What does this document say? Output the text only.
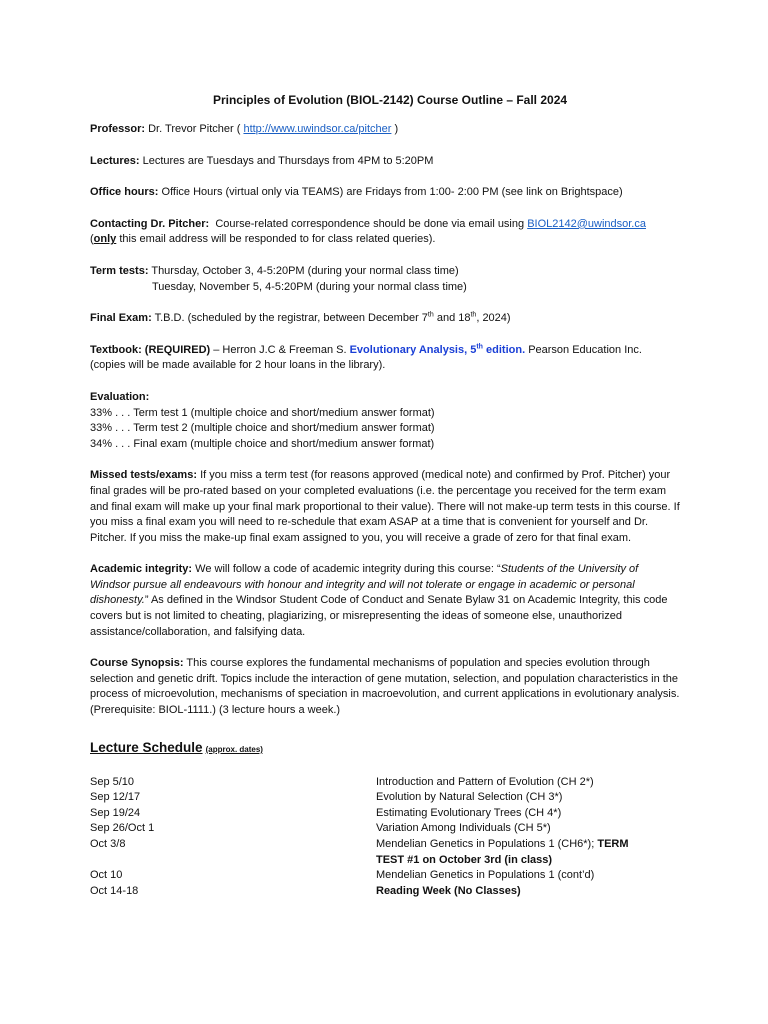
Principles of Evolution (BIOL-2142) Course Outline – Fall 2024

Professor: Dr. Trevor Pitcher ( http://www.uwindsor.ca/pitcher )

Lectures: Lectures are Tuesdays and Thursdays from 4PM to 5:20PM

Office hours: Office Hours (virtual only via TEAMS) are Fridays from 1:00- 2:00 PM (see link on Brightspace)

Contacting Dr. Pitcher: Course-related correspondence should be done via email using BIOL2142@uwindsor.ca
(only this email address will be responded to for class related queries).

Term tests: Thursday, October 3, 4-5:20PM (during your normal class time)
Tuesday, November 5, 4-5:20PM (during your normal class time)

Final Exam: T.B.D. (scheduled by the registrar, between December 7th and 18th, 2024)

Textbook: (REQUIRED) – Herron J.C & Freeman S. Evolutionary Analysis, 5th edition. Pearson Education Inc.
(copies will be made available for 2 hour loans in the library).

Evaluation:
33% . . . Term test 1 (multiple choice and short/medium answer format)
33% . . . Term test 2 (multiple choice and short/medium answer format)
34% . . . Final exam (multiple choice and short/medium answer format)

Missed tests/exams: If you miss a term test (for reasons approved (medical note) and confirmed by Prof. Pitcher) your final grades will be pro-rated based on your completed evaluations (i.e. the percentage you received for the term exam and final exam will make up your final mark proportional to their value). There will not make-up term tests in this course. If you miss a final exam you will need to re-schedule that exam ASAP at a time that is convenient for yourself and Dr. Pitcher. If you miss the make-up final exam assigned to you, you will receive a grade of zero for that final exam.

Academic integrity: We will follow a code of academic integrity during this course: “Students of the University of Windsor pursue all endeavours with honour and integrity and will not tolerate or engage in academic or personal dishonesty.” As defined in the Windsor Student Code of Conduct and Senate Bylaw 31 on Academic Integrity, this code covers but is not limited to cheating, plagiarizing, or misrepresenting the ideas of someone else, unauthorized assistance/collaboration, and falsifying data.

Course Synopsis: This course explores the fundamental mechanisms of population and species evolution through selection and genetic drift. Topics include the interaction of gene mutation, selection, and population characteristics in the process of microevolution, mechanisms of speciation in macroevolution, and current applications in evolutionary analysis. (Prerequisite: BIOL-1111.) (3 lecture hours a week.)

Lecture Schedule (approx. dates)
Sep 5/10	Introduction and Pattern of Evolution (CH 2*)
Sep 12/17	Evolution by Natural Selection (CH 3*)
Sep 19/24	Estimating Evolutionary Trees (CH 4*)
Sep 26/Oct 1	Variation Among Individuals (CH 5*)
Oct 3/8	Mendelian Genetics in Populations 1 (CH6*); TERM
TEST #1 on October 3rd (in class)
Oct 10	Mendelian Genetics in Populations 1 (cont’d)
Oct 14-18	Reading Week (No Classes)
